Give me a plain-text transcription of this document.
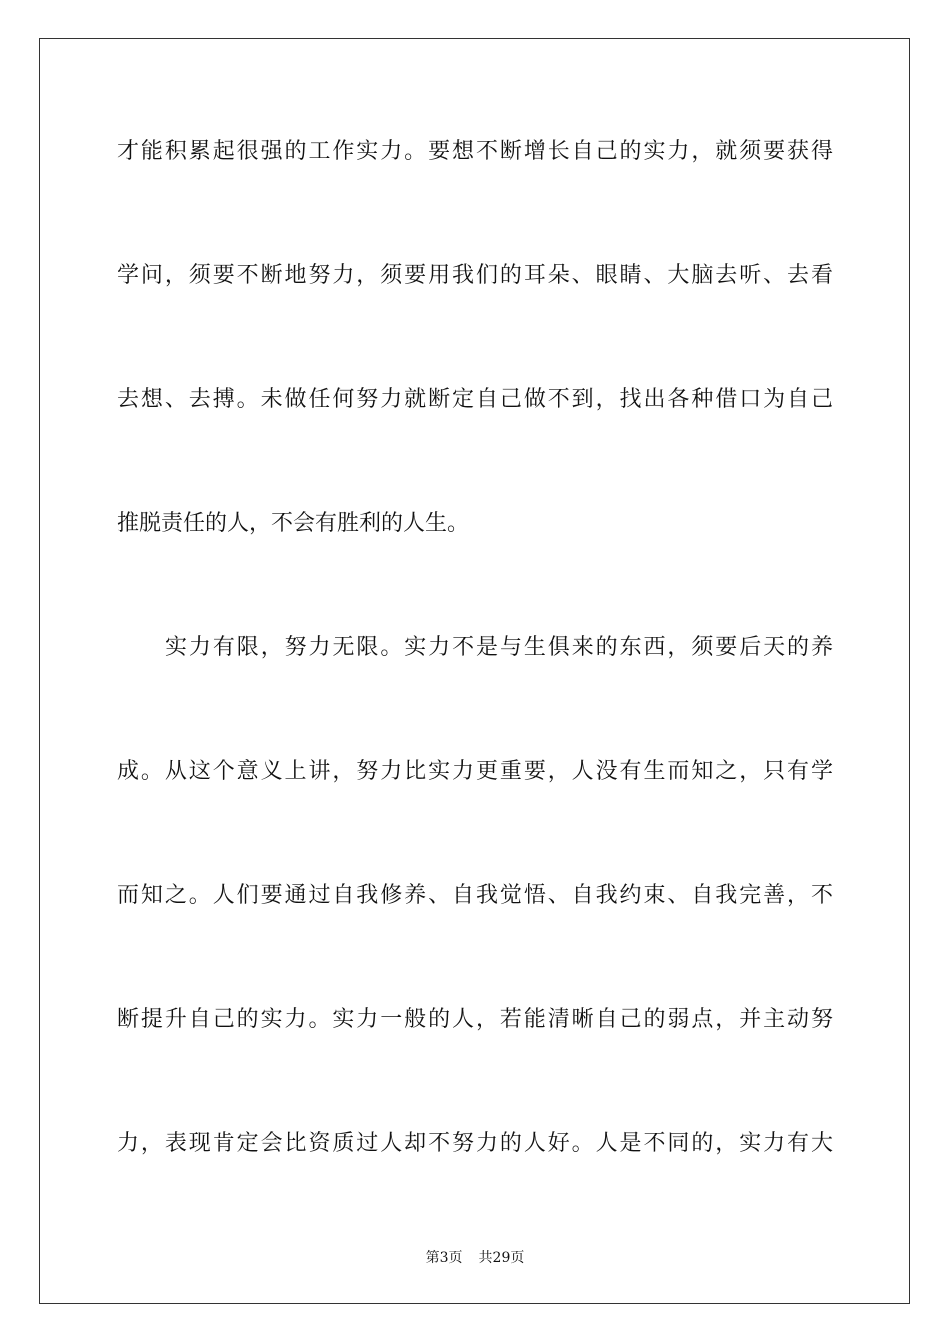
才能积累起很强的工作实力。要想不断增长自己的实力，就须要获得
学问，须要不断地努力，须要用我们的耳朵、眼睛、大脑去听、去看
去想、去搏。未做任何努力就断定自己做不到，找出各种借口为自己
推脱责任的人，不会有胜利的人生。
实力有限，努力无限。实力不是与生俱来的东西，须要后天的养
成。从这个意义上讲，努力比实力更重要，人没有生而知之，只有学
而知之。人们要通过自我修养、自我觉悟、自我约束、自我完善，不
断提升自己的实力。实力一般的人，若能清晰自己的弱点，并主动努
力，表现肯定会比资质过人却不努力的人好。人是不同的，实力有大
第3页 共29页
